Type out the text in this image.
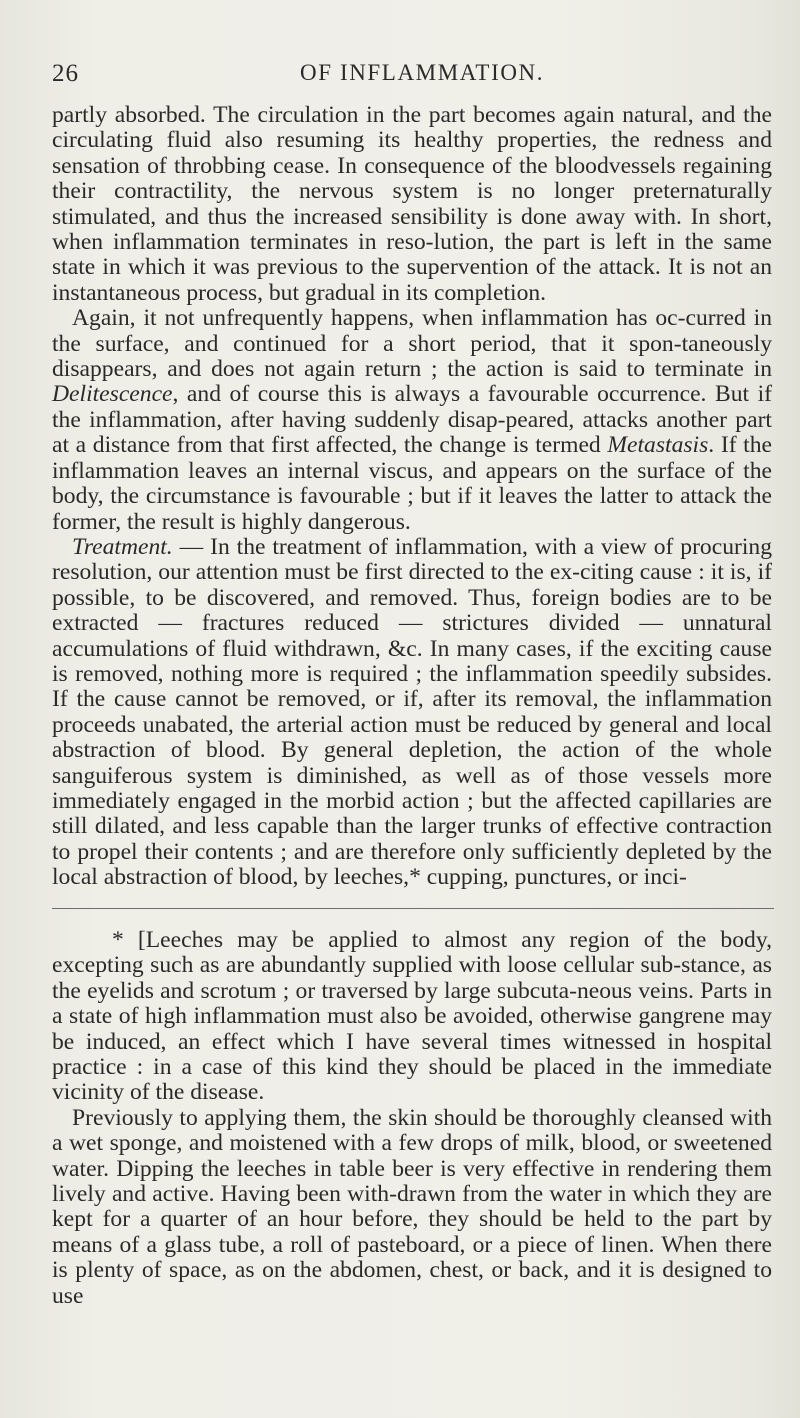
26	OF INFLAMMATION.

partly absorbed. The circulation in the part becomes again natural, and the circulating fluid also resuming its healthy properties, the redness and sensation of throbbing cease. In consequence of the bloodvessels regaining their contractility, the nervous system is no longer preternaturally stimulated, and thus the increased sensibility is done away with. In short, when inflammation terminates in reso-lution, the part is left in the same state in which it was previous to the supervention of the attack. It is not an instantaneous process, but gradual in its completion.

Again, it not unfrequently happens, when inflammation has oc-curred in the surface, and continued for a short period, that it spon-taneously disappears, and does not again return ; the action is said to terminate in Delitescence, and of course this is always a favourable occurrence. But if the inflammation, after having suddenly disap-peared, attacks another part at a distance from that first affected, the change is termed Metastasis. If the inflammation leaves an internal viscus, and appears on the surface of the body, the circumstance is favourable ; but if it leaves the latter to attack the former, the result is highly dangerous.

Treatment. — In the treatment of inflammation, with a view of procuring resolution, our attention must be first directed to the ex-citing cause : it is, if possible, to be discovered, and removed. Thus, foreign bodies are to be extracted — fractures reduced — strictures divided — unnatural accumulations of fluid withdrawn, &c. In many cases, if the exciting cause is removed, nothing more is required ; the inflammation speedily subsides. If the cause cannot be removed, or if, after its removal, the inflammation proceeds unabated, the arterial action must be reduced by general and local abstraction of blood. By general depletion, the action of the whole sanguiferous system is diminished, as well as of those vessels more immediately engaged in the morbid action ; but the affected capillaries are still dilated, and less capable than the larger trunks of effective contraction to propel their contents ; and are therefore only sufficiently depleted by the local abstraction of blood, by leeches,* cupping, punctures, or inci-

* [Leeches may be applied to almost any region of the body, excepting such as are abundantly supplied with loose cellular sub-stance, as the eyelids and scrotum ; or traversed by large subcuta-neous veins. Parts in a state of high inflammation must also be avoided, otherwise gangrene may be induced, an effect which I have several times witnessed in hospital practice : in a case of this kind they should be placed in the immediate vicinity of the disease.

Previously to applying them, the skin should be thoroughly cleansed with a wet sponge, and moistened with a few drops of milk, blood, or sweetened water. Dipping the leeches in table beer is very effective in rendering them lively and active. Having been with-drawn from the water in which they are kept for a quarter of an hour before, they should be held to the part by means of a glass tube, a roll of pasteboard, or a piece of linen. When there is plenty of space, as on the abdomen, chest, or back, and it is designed to use
